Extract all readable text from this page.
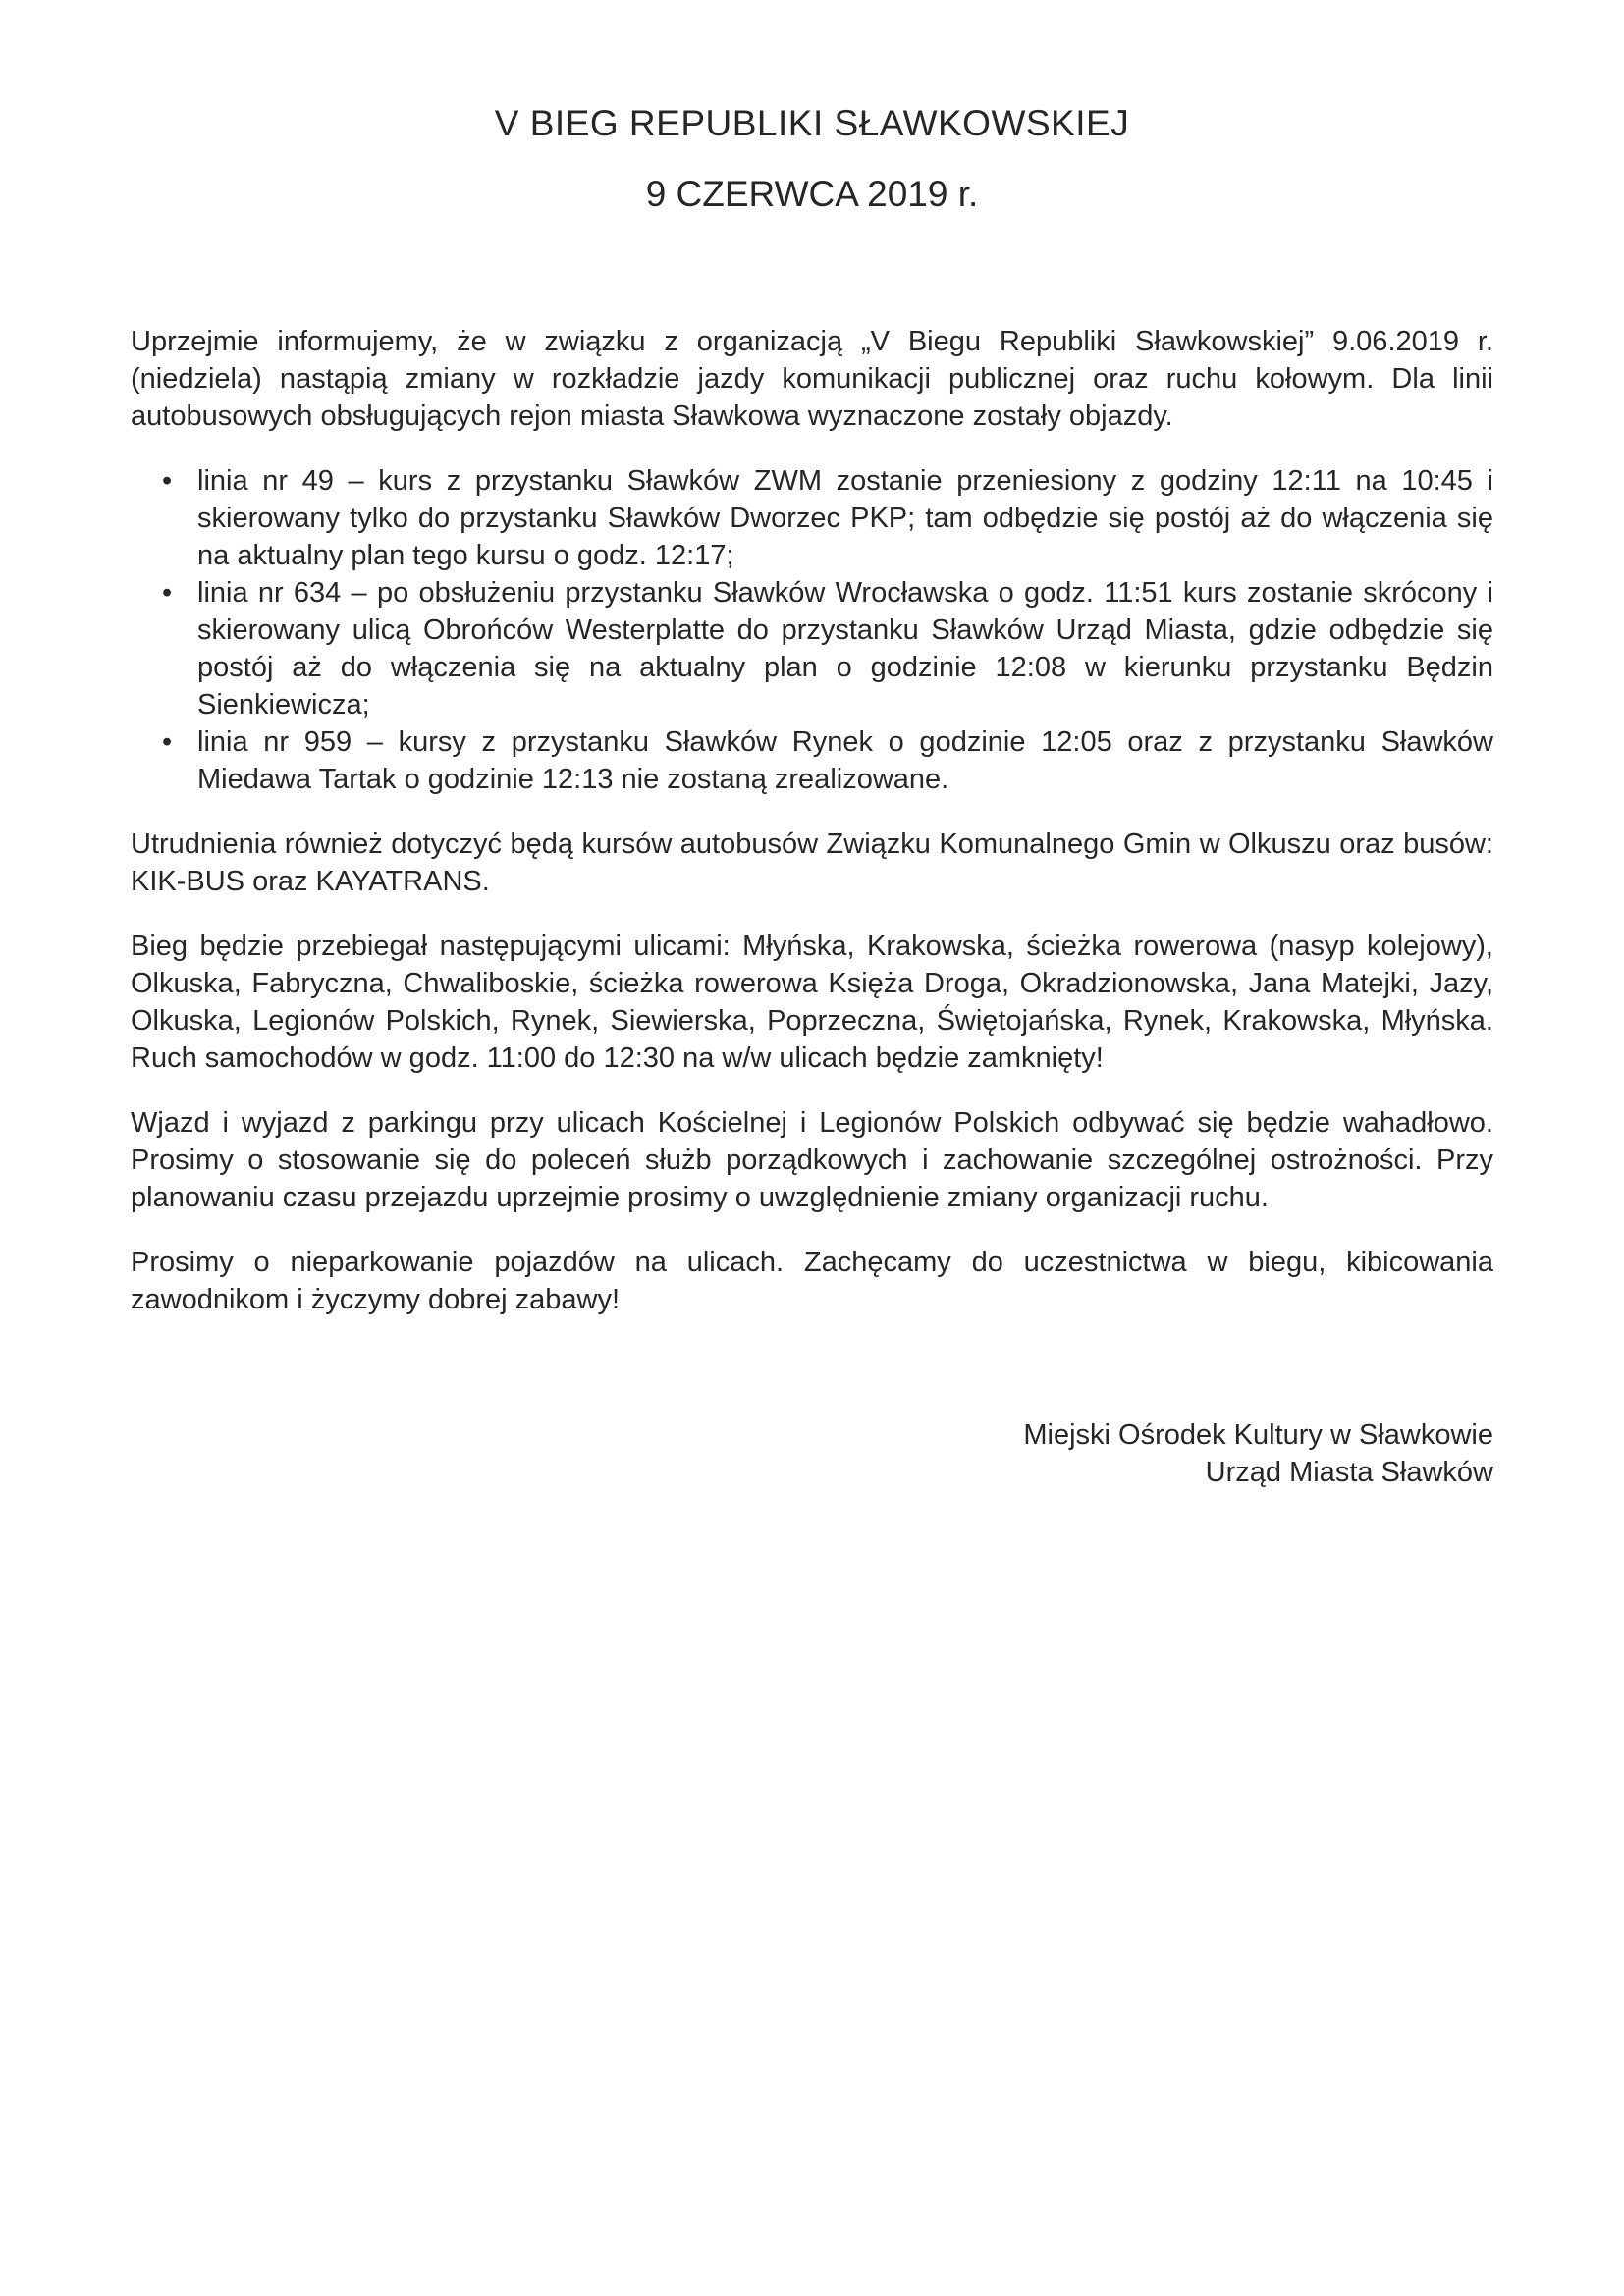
V BIEG REPUBLIKI SŁAWKOWSKIEJ
9 CZERWCA 2019 r.

Uprzejmie informujemy, że w związku z organizacją „V Biegu Republiki Sławkowskiej” 9.06.2019 r. (niedziela) nastąpią zmiany w rozkładzie jazdy komunikacji publicznej oraz ruchu kołowym. Dla linii autobusowych obsługujących rejon miasta Sławkowa wyznaczone zostały objazdy.

• linia nr 49 – kurs z przystanku Sławków ZWM zostanie przeniesiony z godziny 12:11 na 10:45 i skierowany tylko do przystanku Sławków Dworzec PKP; tam odbędzie się postój aż do włączenia się na aktualny plan tego kursu o godz. 12:17;
• linia nr 634 – po obsłużeniu przystanku Sławków Wrocławska o godz. 11:51 kurs zostanie skrócony i skierowany ulicą Obrońców Westerplatte do przystanku Sławków Urząd Miasta, gdzie odbędzie się postój aż do włączenia się na aktualny plan o godzinie 12:08 w kierunku przystanku Będzin Sienkiewicza;
• linia nr 959 – kursy z przystanku Sławków Rynek o godzinie 12:05 oraz z przystanku Sławków Miedawa Tartak o godzinie 12:13 nie zostaną zrealizowane.

Utrudnienia również dotyczyć będą kursów autobusów Związku Komunalnego Gmin w Olkuszu oraz busów: KIK-BUS oraz KAYATRANS.

Bieg będzie przebiegał następującymi ulicami: Młyńska, Krakowska, ścieżka rowerowa (nasyp kolejowy), Olkuska, Fabryczna, Chwaliboskie, ścieżka rowerowa Księża Droga, Okradzionowska, Jana Matejki, Jazy, Olkuska, Legionów Polskich, Rynek, Siewierska, Poprzeczna, Świętojańska, Rynek, Krakowska, Młyńska. Ruch samochodów w godz. 11:00 do 12:30 na w/w ulicach będzie zamknięty!

Wjazd i wyjazd z parkingu przy ulicach Kościelnej i Legionów Polskich odbywać się będzie wahadłowo. Prosimy o stosowanie się do poleceń służb porządkowych i zachowanie szczególnej ostrożności. Przy planowaniu czasu przejazdu uprzejmie prosimy o uwzględnienie zmiany organizacji ruchu.

Prosimy o nieparkowanie pojazdów na ulicach. Zachęcamy do uczestnictwa w biegu, kibicowania zawodnikom i życzymy dobrej zabawy!

Miejski Ośrodek Kultury w Sławkowie

Urząd Miasta Sławków
